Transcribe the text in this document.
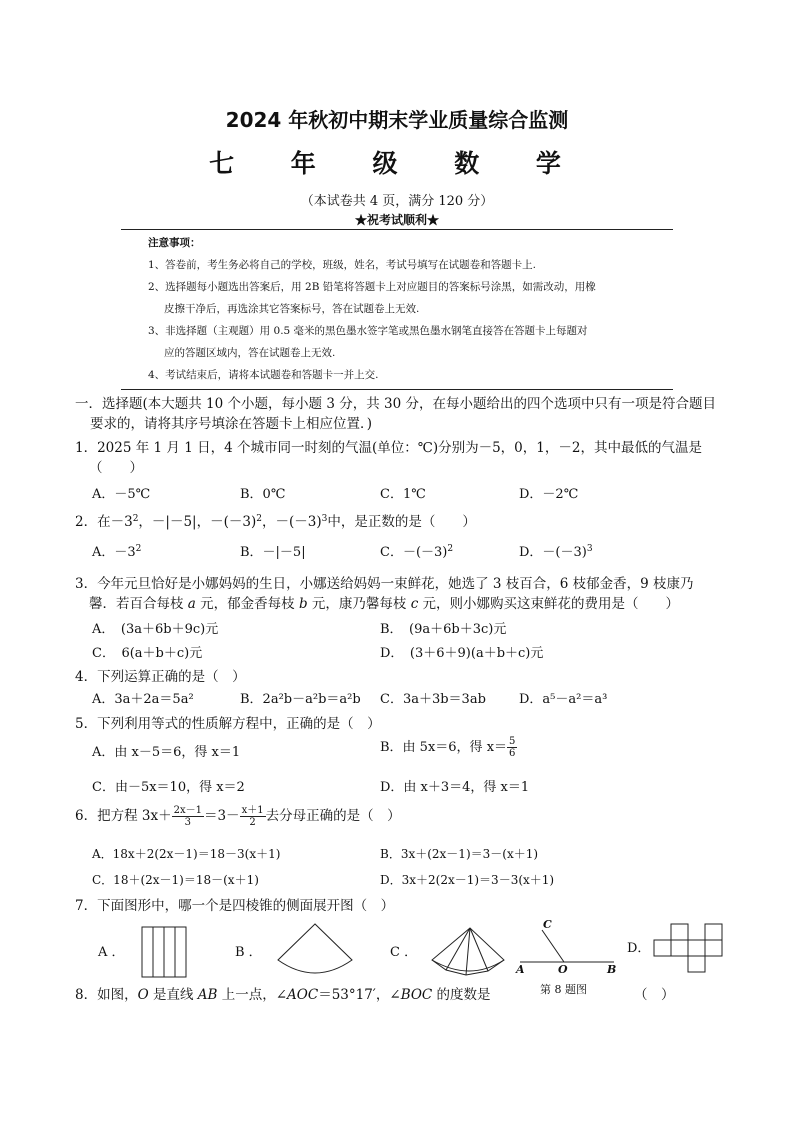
2024 年秋初中期末学业质量综合监测
七 年 级 数 学
（本试卷共 4 页，满分 120 分）
★祝考试顺利★

注意事项：

1、答卷前，考生务必将自己的学校，班级，姓名，考试号填写在试题卷和答题卡上.

2、选择题每小题选出答案后，用 2B 铅笔将答题卡上对应题目的答案标号涂黑，如需改动，用橡

皮擦干净后，再选涂其它答案标号，答在试题卷上无效.

3、非选择题（主观题）用 0.5 毫米的黑色墨水签字笔或黑色墨水钢笔直接答在答题卡上每题对

应的答题区域内，答在试题卷上无效.

4、考试结束后，请将本试题卷和答题卡一并上交.

一．选择题(本大题共 10 个小题，每小题 3 分，共 30 分，在每小题给出的四个选项中只有一项是符合题目
要求的，请将其序号填涂在答题卡上相应位置．)
1．2025 年 1 月 1 日，4 个城市同一时刻的气温(单位：℃)分别为－5，0，1，－2，其中最低的气温是
（　　）
A．－5℃	B．0℃	C．1℃	D．－2℃
2．在$-3^2$，－|－5|，$-(-3)^2$，$-(-3)^3$中，是正数的是（　　）
A．$-3^2$	B．－|－5|	C．$-(-3)^2$	D．$-(-3)^3$
3．今年元旦恰好是小娜妈妈的生日，小娜送给妈妈一束鲜花，她选了 3 枝百合，6 枝郁金香，9 枝康乃
馨．若百合每枝 a 元，郁金香每枝 b 元，康乃馨每枝 c 元，则小娜购买这束鲜花的费用是（　　）
A．　(3a＋6b＋9c)元	B．　(9a＋6b＋3c)元
C．　6(a＋b＋c)元	D．　(3＋6＋9)(a＋b＋c)元
4．下列运算正确的是（　）
A．3a＋2a＝5a²	B．2a²b－a²b＝a²b C．3a＋3b＝3ab	D．a⁵－a²＝a³
5．下列利用等式的性质解方程中，正确的是（　）
A．由 x－5＝6，得 x＝1	B．由 5x＝6，得 $x= \frac{5}{6}$
C．由－5x＝10，得 x＝2	D．由 x＋3＝4，得 x＝1
6．把方程 $3x+ \frac{2x-1}{3} =3- \frac{x+1}{2}$ 去分母正确的是（　）
A．18x＋2(2x－1)＝18－3(x＋1)	B．3x＋(2x－1)＝3－(x＋1)
C．18＋(2x－1)＝18－(x＋1)	D．3x＋2(2x－1)＝3－3(x＋1)
7．下面图形中，哪一个是四棱锥的侧面展开图（　）
A ．	B ．	C ．
C
A	O	B
D．
8．如图，O 是直线 AB 上一点，∠AOC＝53°17′，∠BOC 的度数是	第 8 题图	（　）
